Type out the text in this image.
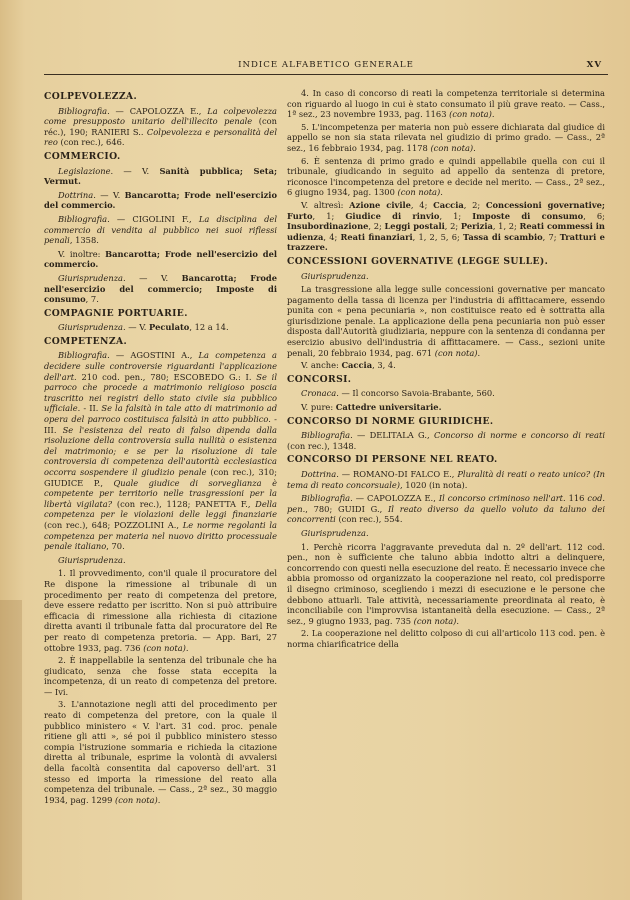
INDICE ALFABETICO GENERALE	XV
COLPEVOLEZZA.
Bibliografia. — CAPOLOZZA E., La colpevolezza come presupposto unitario dell'illecito penale (con réc.), 190; RANIERI S.. Colpevolezza e personalità del reo (con rec.), 646.
COMMERCIO.
Legislazione. — V. Sanità pubblica; Seta; Vermut.
Dottrina. — V. Bancarotta; Frode nell'esercizio del commercio.
Bibliografia. — CIGOLINI F., La disciplina del commercio di vendita al pubblico nei suoi riflessi penali, 1358.
V. inoltre: Bancarotta; Frode nell'esercizio del commercio.
Giurisprudenza. — V. Bancarotta; Frode nell'esercizio del commercio; Imposte di consumo, 7.
COMPAGNIE PORTUARIE.
Giurisprudenza. — V. Peculato, 12 a 14.
COMPETENZA.
Bibliografia. — AGOSTINI A., La competenza a decidere sulle controversie riguardanti l'applicazione dell'art. 210 cod. pen., 780; ESCOBEDO G.: I. Se il parroco che procede a matrimonio religioso poscia trascritto nei registri dello stato civile sia pubblico ufficiale. - II. Se la falsità in tale atto di matrimonio ad opera del parroco costituisca falsità in atto pubblico. - III. Se l'esistenza del reato di falso dipenda dalla risoluzione della controversia sulla nullità o esistenza del matrimonio; e se per la risoluzione di tale controversia di competenza dell'autorità ecclesiastica occorra sospendere il giudizio penale (con rec.), 310; GIUDICE P., Quale giudice di sorveglianza è competente per territorio nelle trasgressioni per la libertà vigilata? (con rec.), 1128; PANETTA F., Della competenza per le violazioni delle leggi finanziarie (con rec.), 648; POZZOLINI A., Le norme regolanti la competenza per materia nel nuovo diritto processuale penale italiano, 70.
Giurisprudenza.
1. Il provvedimento, con'il quale il procuratore del Re dispone la rimessione al tribunale di un procedimento per reato di competenza del pretore, deve essere redatto per iscritto. Non si può attribuire efficacia di rimessione alla richiesta di citazione diretta avanti il tribunale fatta dal procuratore del Re per reato di competenza pretoria. — App. Bari, 27 ottobre 1933, pag. 736 (con nota).
2. È inappellabile la sentenza del tribunale che ha giudicato, senza che fosse stata eccepita la incompetenza, di un reato di competenza del pretore. — Ivi.
3. L'annotazione negli atti del procedimento per reato di competenza del pretore, con la quale il pubblico ministero « V. l'art. 31 cod. proc. penale ritiene gli atti », sé poi il pubblico ministero stesso compia l'istruzione sommaria e richieda la citazione diretta al tribunale, esprime la volontà di avvalersi della facoltà consentita dal capoverso dell'art. 31 stesso ed importa la rimessione del reato alla competenza del tribunale. — Cass., 2ª sez., 30 maggio 1934, pag. 1299 (con nota).
4. In caso di concorso di reati la competenza territoriale si determina con riguardo al luogo in cui è stato consumato il più grave reato. — Cass., 1ª sez., 23 novembre 1933, pag. 1163 (con nota).
5. L'incompetenza per materia non può essere dichiarata dal giudice di appello se non sia stata rilevata nel giudizio di primo grado. — Cass., 2ª sez., 16 febbraio 1934, pag. 1178 (con nota).
6. È sentenza di primo grado e quindi appellabile quella con cui il tribunale, giudicando in seguito ad appello da sentenza di pretore, riconosce l'incompetenza del pretore e decide nel merito. — Cass., 2ª sez., 6 giugno 1934, pag. 1300 (con nota).
V. altresì: Azione civile, 4; Caccia, 2; Concessioni governative; Furto, 1; Giudice di rinvio, 1; Imposte di consumo, 6; Insubordinazione, 2; Leggi postali, 2; Perizia, 1, 2; Reati commessi in udienza, 4; Reati finanziari, 1, 2, 5, 6; Tassa di scambio, 7; Tratturi e trazzere.
CONCESSIONI GOVERNATIVE (LEGGE SULLE).
Giurisprudenza.
La trasgressione alla legge sulle concessioni governative per mancato pagamento della tassa di licenza per l'industria di affittacamere, essendo punita con « pena pecuniaria », non costituisce reato ed è sottratta alla giurisdizione penale. La applicazione della pena pecuniaria non può esser disposta dall'Autorità giudiziaria, neppure con la sentenza di condanna per esercizio abusivo dell'industria di affittacamere. — Cass., sezioni unite penali, 20 febbraio 1934, pag. 671 (con nota).
V. anche: Caccia, 3, 4.
CONCORSI.
Cronaca. — Il concorso Savoia-Brabante, 560.
V. pure: Cattedre universitarie.
CONCORSO DI NORME GIURIDICHE.
Bibliografia. — DELITALA G., Concorso di norme e concorso di reati (con rec.), 1348.
CONCORSO DI PERSONE NEL REATO.
Dottrina. — ROMANO-DI FALCO E., Pluralità di reati o reato unico? (In tema di reato concorsuale), 1020 (in nota).
Bibliografia. — CAPOLOZZA E., Il concorso criminoso nell'art. 116 cod. pen., 780; GUIDI G., Il reato diverso da quello voluto da taluno dei concorrenti (con rec.), 554.
Giurisprudenza.
1. Perchè ricorra l'aggravante preveduta dal n. 2º dell'art. 112 cod. pen., non è sufficiente che taluno abbia indotto altri a delinquere, concorrendo con questi nella esecuzione del reato. È necessario invece che abbia promosso od organizzato la cooperazione nel reato, col predisporre il disegno criminoso, scegliendo i mezzi di esecuzione e le persone che debbono attuarli. Tale attività, necessariamente preordinata al reato, è inconciliabile con l'improvvisa istantaneità della esecuzione. — Cass., 2ª sez., 9 giugno 1933, pag. 735 (con nota).
2. La cooperazione nel delitto colposo di cui all'articolo 113 cod. pen. è norma chiarificatrice della
